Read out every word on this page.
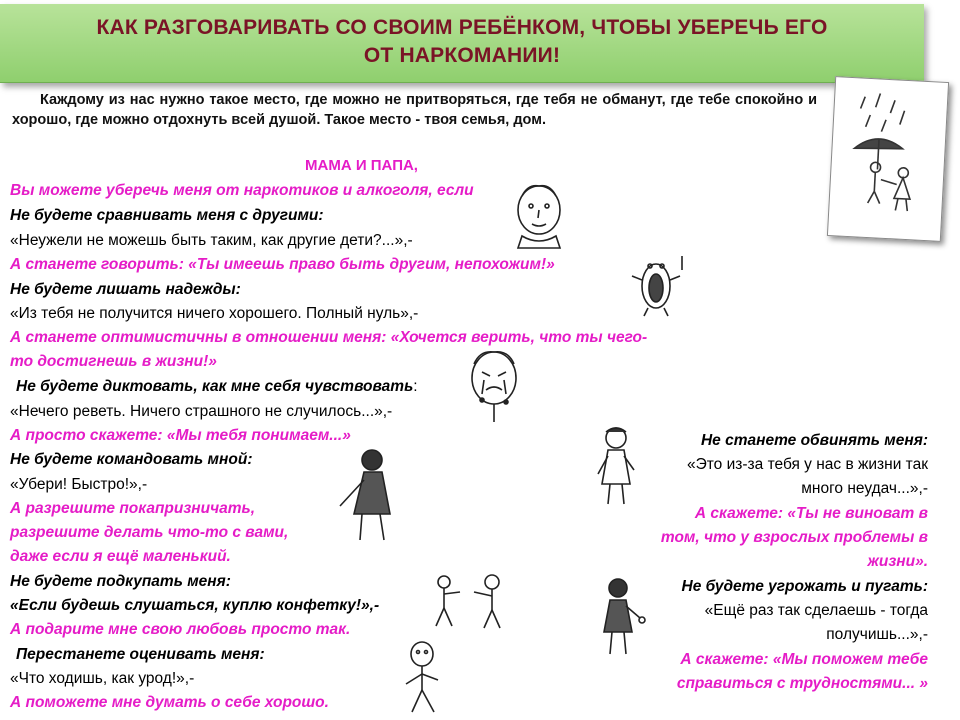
КАК РАЗГОВАРИВАТЬ СО СВОИМ РЕБЁНКОМ, ЧТОБЫ УБЕРЕЧЬ ЕГО
ОТ НАРКОМАНИИ!
Каждому из нас нужно такое место, где можно не притворяться, где тебя не обманут, где тебе спокойно и хорошо, где можно отдохнуть всей душой. Такое место - твоя семья, дом.
МАМА И ПАПА,
Вы можете уберечь меня от наркотиков и алкоголя, если
Не будете сравнивать меня с другими:
«Неужели не можешь быть таким, как другие дети?...»,-
А станете говорить: «Ты имеешь право быть другим, непохожим!»
Не будете лишать надежды:
«Из тебя не получится ничего хорошего. Полный нуль»,-
А станете оптимистичны в отношении меня: «Хочется верить, что ты чего-
то достигнешь в жизни!»
Не будете диктовать, как мне себя чувствовать:
«Нечего реветь. Ничего страшного не случилось...»,-
А просто скажете: «Мы тебя понимаем...»
Не будете командовать мной:
«Убери! Быстро!»,-
А разрешите покапризничать,
разрешите делать что-то с вами,
даже если я ещё маленький.
Не будете подкупать меня:
«Если будешь слушаться, куплю конфетку!»,-
А подарите мне свою любовь просто так.
Перестанете оценивать меня:
«Что ходишь, как урод!»,-
А поможете мне думать о себе хорошо.
Не станете обвинять меня:
«Это из-за тебя у нас в жизни так
много неудач...»,-
А скажете: «Ты не виноват в
том, что у взрослых проблемы в
жизни».
Не будете угрожать и пугать:
«Ещё раз так сделаешь - тогда
получишь...»,-
А скажете: «Мы поможем тебе
справиться с трудностями... »
